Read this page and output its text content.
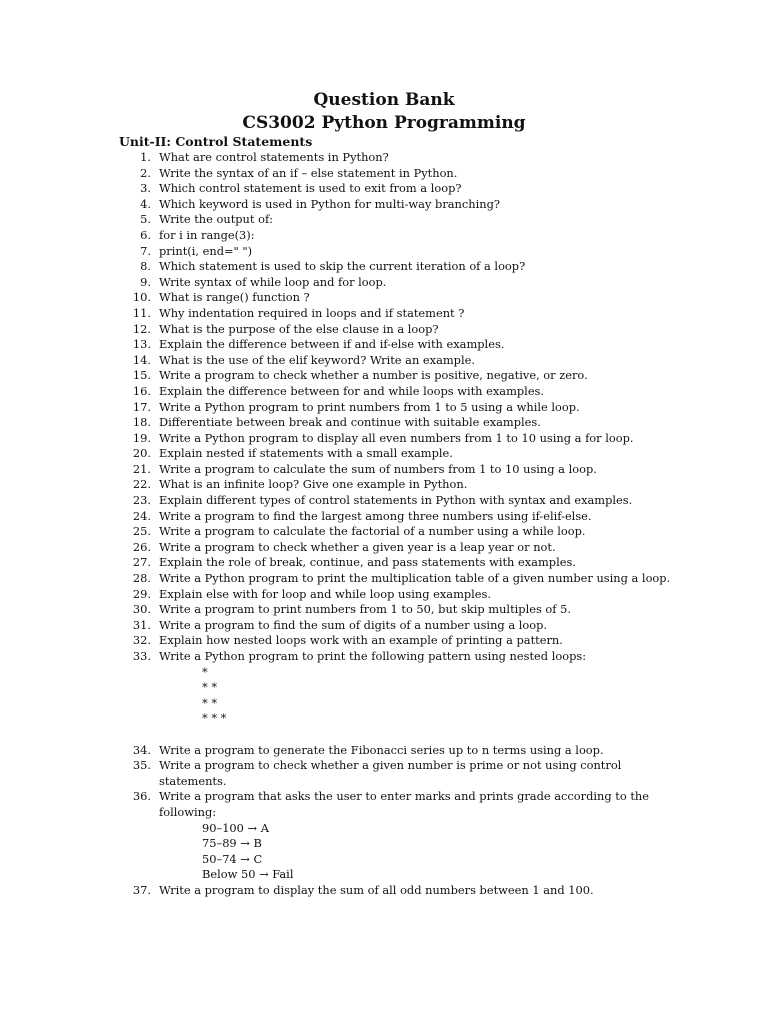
Question Bank
CS3002 Python Programming
Unit-II: Control Statements
1. What are control statements in Python?
2. Write the syntax of an if – else statement in Python.
3. Which control statement is used to exit from a loop?
4. Which keyword is used in Python for multi-way branching?
5. Write the output of:
6. for i in range(3):
7. print(i, end=" ")
8. Which statement is used to skip the current iteration of a loop?
9. Write syntax of while loop and for loop.
10. What is range() function ?
11. Why indentation required in loops and if statement ?
12. What is the purpose of the else clause in a loop?
13. Explain the difference between if and if-else with examples.
14. What is the use of the elif keyword? Write an example.
15. Write a program to check whether a number is positive, negative, or zero.
16. Explain the difference between for and while loops with examples.
17. Write a Python program to print numbers from 1 to 5 using a while loop.
18. Differentiate between break and continue with suitable examples.
19. Write a Python program to display all even numbers from 1 to 10 using a for loop.
20. Explain nested if statements with a small example.
21. Write a program to calculate the sum of numbers from 1 to 10 using a loop.
22. What is an infinite loop? Give one example in Python.
23. Explain different types of control statements in Python with syntax and examples.
24. Write a program to find the largest among three numbers using if-elif-else.
25. Write a program to calculate the factorial of a number using a while loop.
26. Write a program to check whether a given year is a leap year or not.
27. Explain the role of break, continue, and pass statements with examples.
28. Write a Python program to print the multiplication table of a given number using a loop.
29. Explain else with for loop and while loop using examples.
30. Write a program to print numbers from 1 to 50, but skip multiples of 5.
31. Write a program to find the sum of digits of a number using a loop.
32. Explain how nested loops work with an example of printing a pattern.
33. Write a Python program to print the following pattern using nested loops:
*
* *
* *
* * *
34. Write a program to generate the Fibonacci series up to n terms using a loop.
35. Write a program to check whether a given number is prime or not using control statements.
36. Write a program that asks the user to enter marks and prints grade according to the following:
90–100 → A
75–89 → B
50–74 → C
Below 50 → Fail
37. Write a program to display the sum of all odd numbers between 1 and 100.
